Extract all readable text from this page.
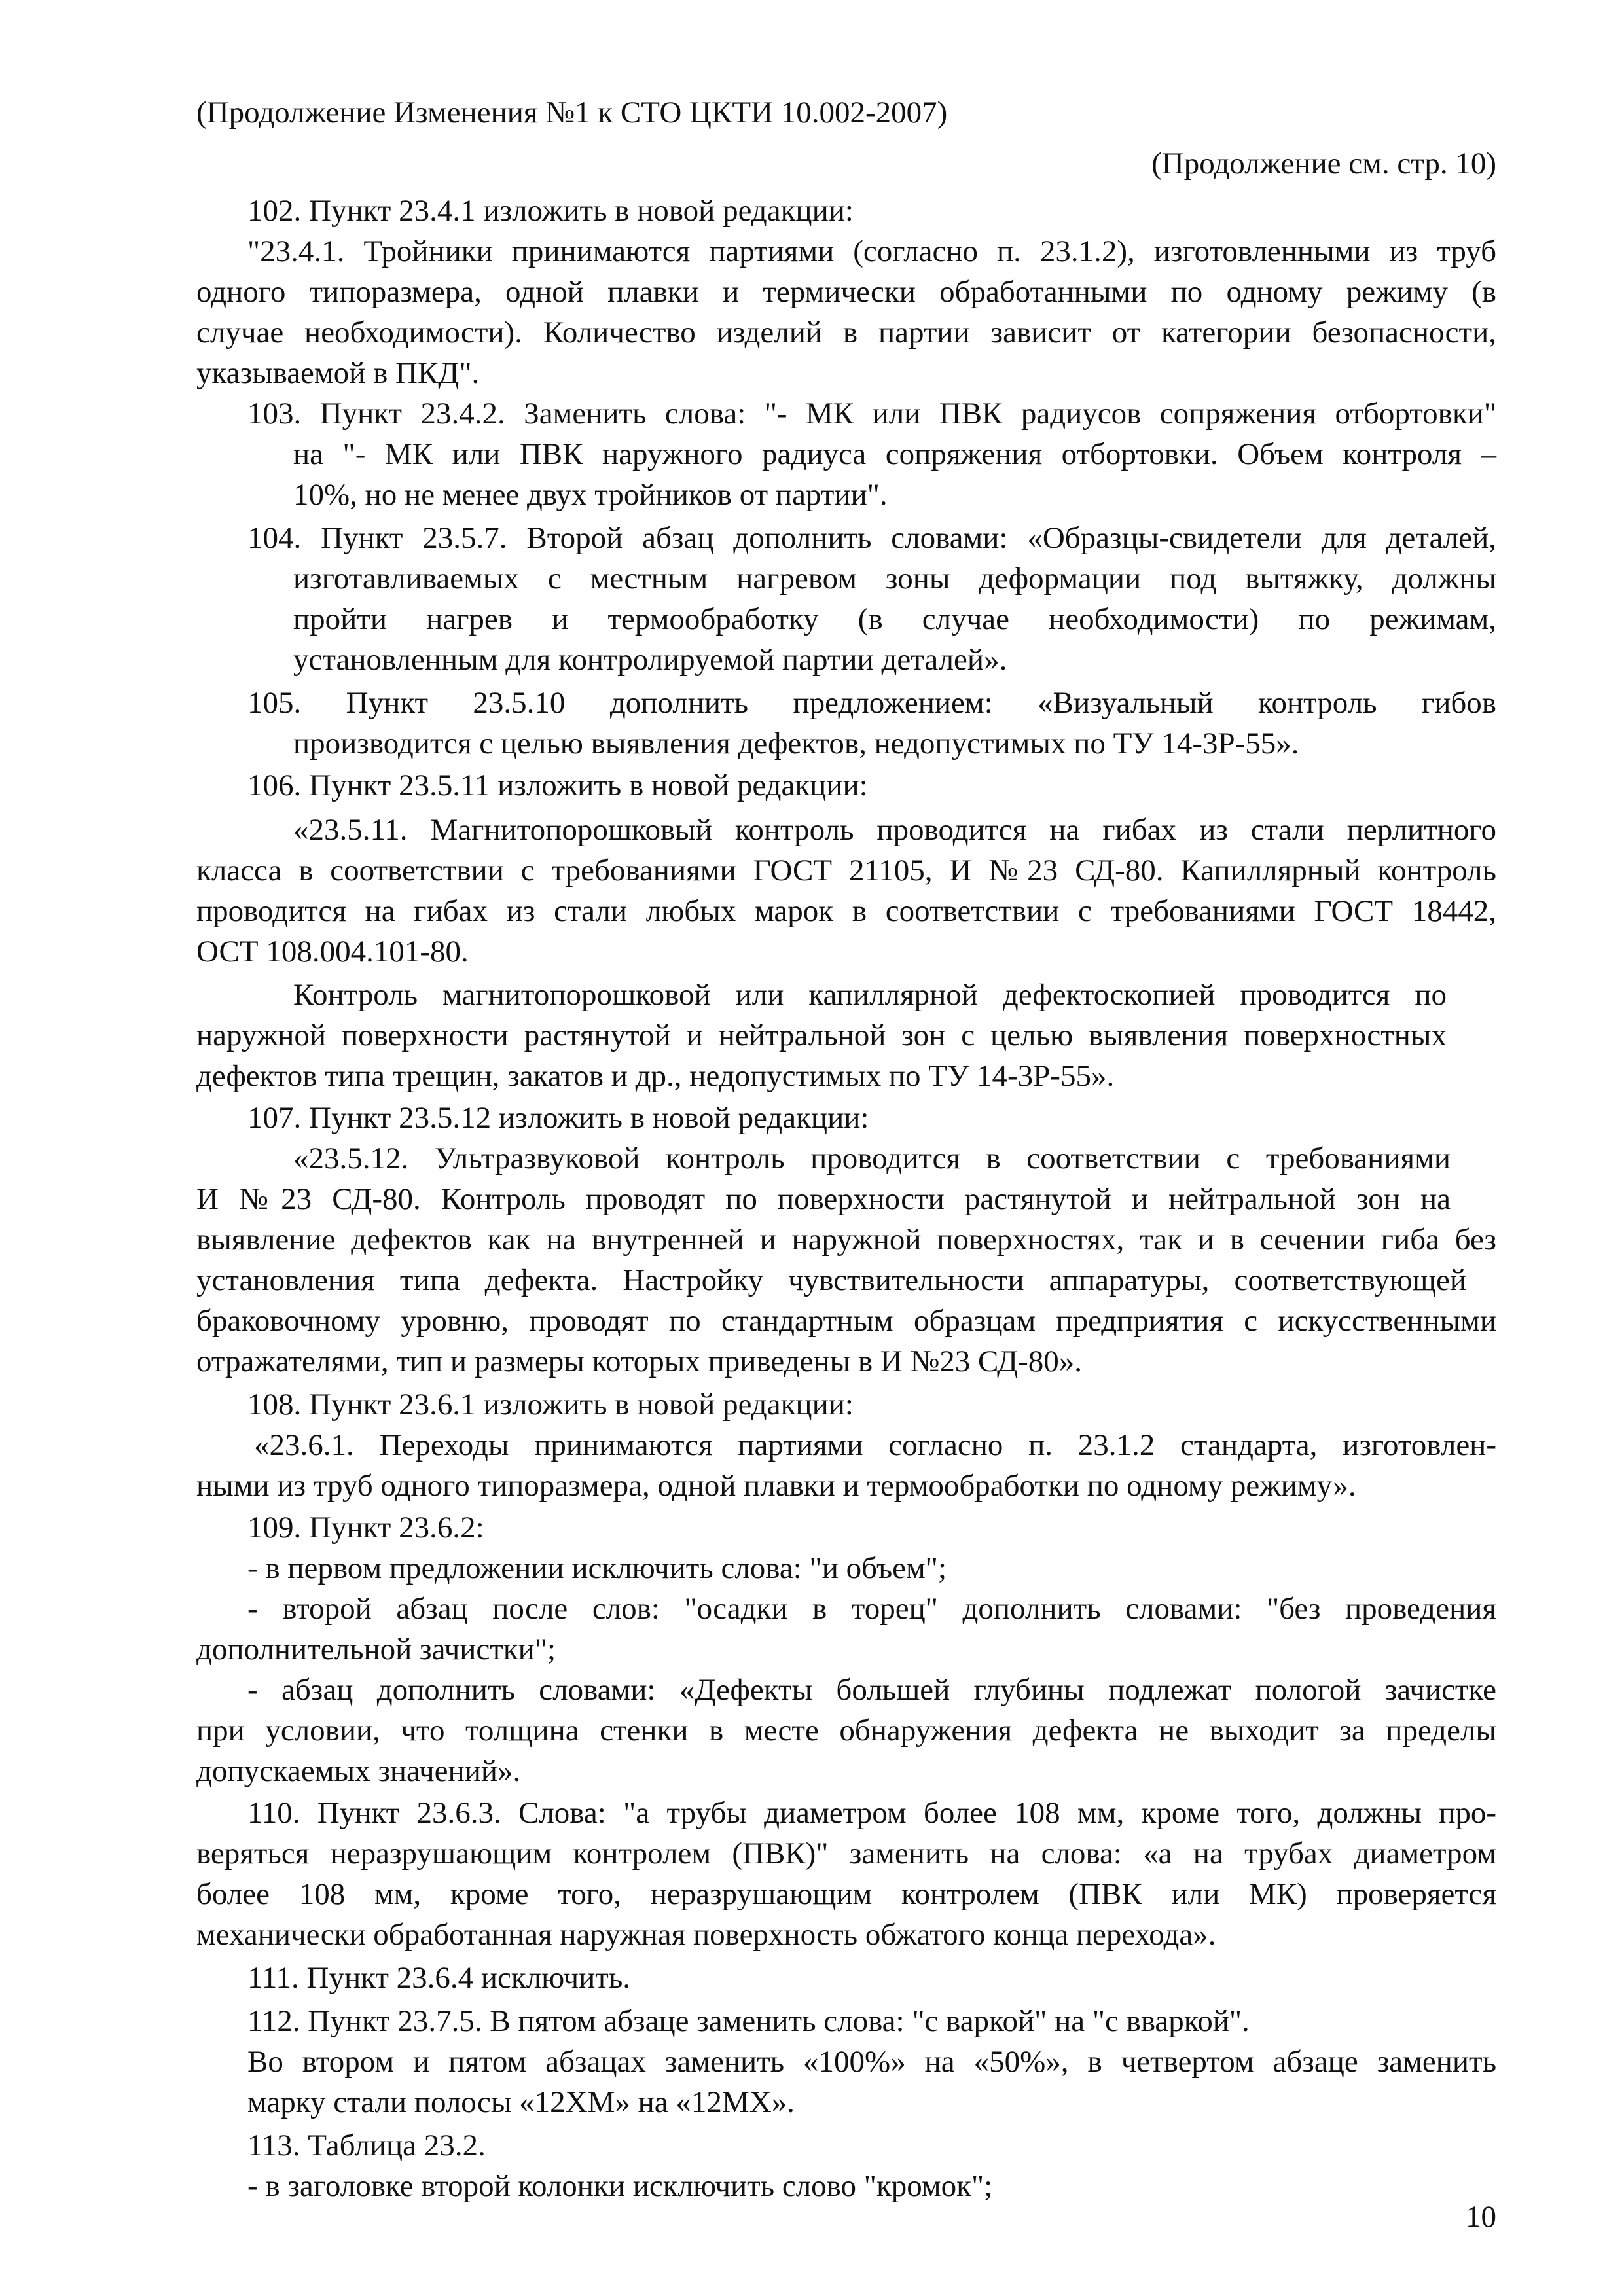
(Продолжение Изменения №1 к СТО ЦКТИ 10.002-2007)
(Продолжение см. стр. 10)
102. Пункт 23.4.1 изложить в новой редакции:
"23.4.1. Тройники принимаются партиями (согласно п. 23.1.2), изготовленными из труб
одного типоразмера, одной плавки и термически обработанными по одному режиму (в
случае необходимости). Количество изделий в партии зависит от категории безопасности,
указываемой в ПКД".
103. Пункт 23.4.2. Заменить слова: "- МК или ПВК радиусов сопряжения отбортовки"
на "- МК или ПВК наружного радиуса сопряжения отбортовки. Объем контроля –
10%, но не менее двух тройников от партии".
104. Пункт 23.5.7. Второй абзац дополнить словами: «Образцы-свидетели для деталей,
изготавливаемых с местным нагревом зоны деформации под вытяжку, должны
пройти нагрев и термообработку (в случае необходимости) по режимам,
установленным для контролируемой партии деталей».
105. Пункт 23.5.10 дополнить предложением: «Визуальный контроль гибов
производится с целью выявления дефектов, недопустимых по ТУ 14-3Р-55».
106. Пункт 23.5.11 изложить в новой редакции:
«23.5.11. Магнитопорошковый контроль проводится на гибах из стали перлитного
класса в соответствии с требованиями ГОСТ 21105, И №23 СД-80. Капиллярный контроль
проводится на гибах из стали любых марок в соответствии с требованиями ГОСТ 18442,
ОСТ 108.004.101-80.
Контроль магнитопорошковой или капиллярной дефектоскопией проводится по
наружной поверхности растянутой и нейтральной зон с целью выявления поверхностных
дефектов типа трещин, закатов и др., недопустимых по ТУ 14-3Р-55».
107. Пункт 23.5.12 изложить в новой редакции:
«23.5.12. Ультразвуковой контроль проводится в соответствии с требованиями
И №23 СД-80. Контроль проводят по поверхности растянутой и нейтральной зон на
выявление дефектов как на внутренней и наружной поверхностях, так и в сечении гиба без
установления типа дефекта. Настройку чувствительности аппаратуры, соответствующей
браковочному уровню, проводят по стандартным образцам предприятия с искусственными
отражателями, тип и размеры которых приведены в И №23 СД-80».
108. Пункт 23.6.1 изложить в новой редакции:
«23.6.1. Переходы принимаются партиями согласно п. 23.1.2 стандарта, изготовлен-
ными из труб одного типоразмера, одной плавки и термообработки по одному режиму».
109. Пункт 23.6.2:
- в первом предложении исключить слова: "и объем";
- второй абзац после слов: "осадки в торец" дополнить словами: "без проведения
дополнительной зачистки";
- абзац дополнить словами: «Дефекты большей глубины подлежат пологой зачистке
при условии, что толщина стенки в месте обнаружения дефекта не выходит за пределы
допускаемых значений».
110. Пункт 23.6.3. Слова: "а трубы диаметром более 108 мм, кроме того, должны про-
веряться неразрушающим контролем (ПВК)" заменить на слова: «а на трубах диаметром
более 108 мм, кроме того, неразрушающим контролем (ПВК или МК) проверяется
механически обработанная наружная поверхность обжатого конца перехода».
111. Пункт 23.6.4 исключить.
112. Пункт 23.7.5. В пятом абзаце заменить слова: "с варкой" на "с вваркой".
Во втором и пятом абзацах заменить «100%» на «50%», в четвертом абзаце заменить
марку стали полосы «12ХМ» на «12МХ».
113. Таблица 23.2.
- в заголовке второй колонки исключить слово "кромок";
10
